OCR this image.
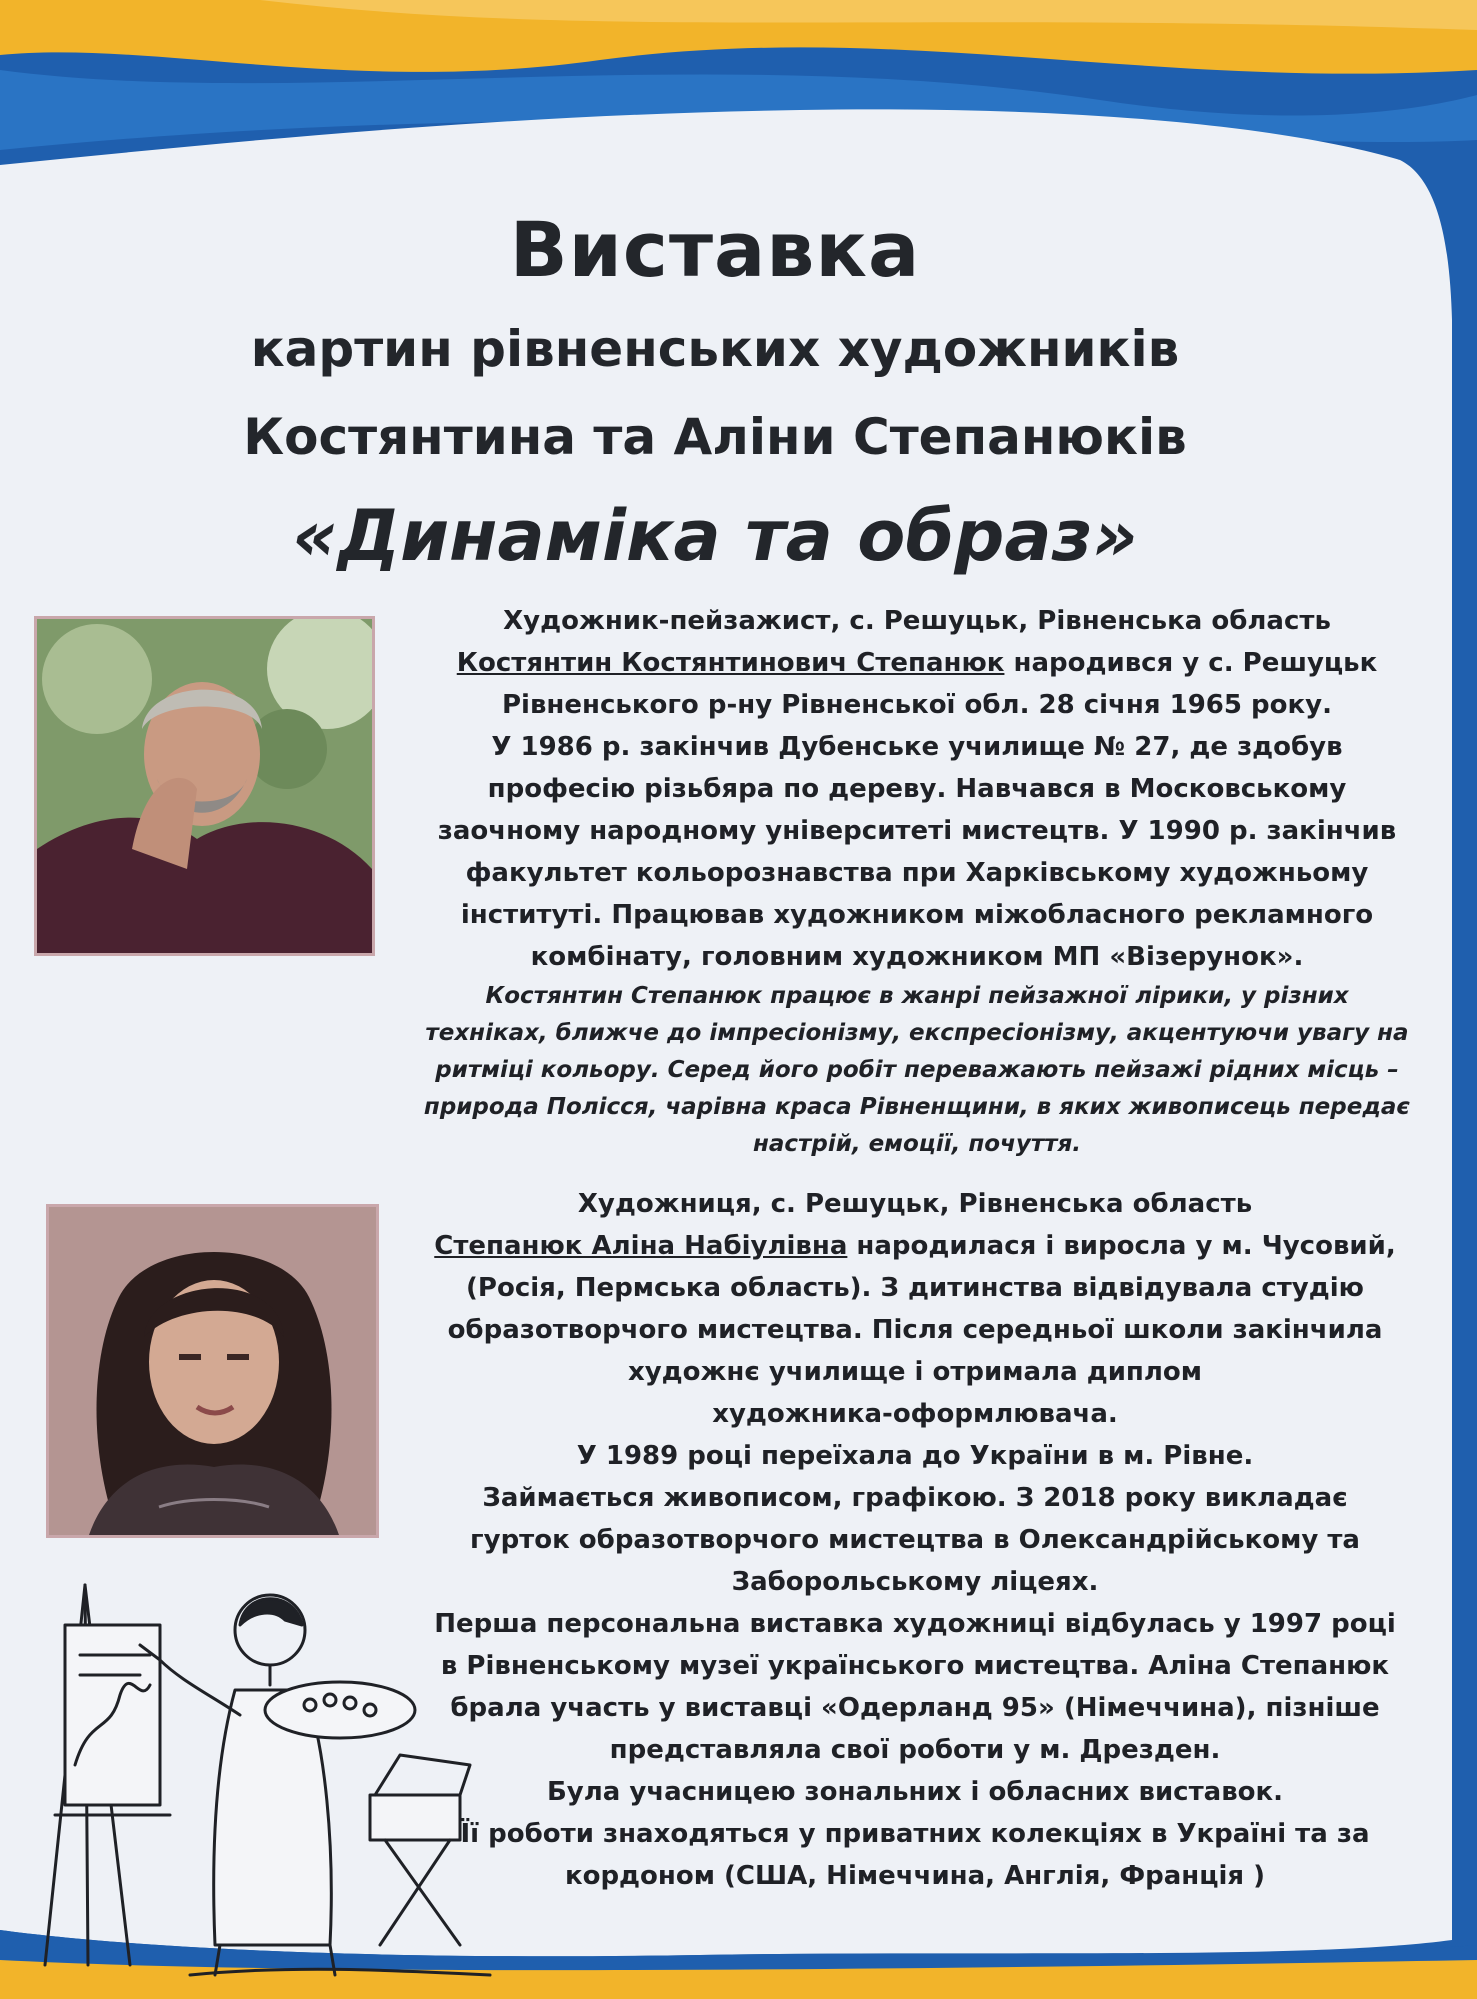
Виставка
картин рівненських художників
Костянтина та Аліни Степанюків
«Динаміка та образ»

Художник-пейзажист, с. Решуцьк, Рівненська область

Костянтин Костянтинович Степанюк народився у с. Решуцьк

Рівненського р-ну Рівненської обл. 28 січня 1965 року.

У 1986 р. закінчив Дубенське училище № 27, де здобув

професію різьбяра по дереву. Навчався в Московському

заочному народному університеті мистецтв. У 1990 р. закінчив

факультет кольорознавства при Харківському художньому

інституті. Працював художником міжобласного рекламного

комбінату, головним художником МП «Візерунок».

Костянтин Степанюк працює в жанрі пейзажної лірики, у різних

техніках, ближче до імпресіонізму, експресіонізму, акцентуючи увагу на

ритміці кольору. Серед його робіт переважають пейзажі рідних місць –

природа Полісся, чарівна краса Рівненщини, в яких живописець передає

настрій, емоції, почуття.

Художниця, с. Решуцьк, Рівненська область

Степанюк Аліна Набіулівна народилася і виросла у м. Чусовий,

(Росія, Пермська область). З дитинства відвідувала студію

образотворчого мистецтва. Після середньої школи закінчила

художнє училище і отримала диплом

художника-оформлювача.

У 1989 році переїхала до України в м. Рівне.

Займається живописом, графікою. З 2018 року викладає

гурток образотворчого мистецтва в Олександрійському та

Заборольському ліцеях.

Перша персональна виставка художниці відбулась у 1997 році

в Рівненському музеї українського мистецтва. Аліна Степанюк

брала участь у виставці «Одерланд 95» (Німеччина), пізніше

представляла свої роботи у м. Дрезден.

Була учасницею зональних і обласних виставок.

Її роботи знаходяться у приватних колекціях в Україні та за

кордоном (США, Німеччина, Англія, Франція )
